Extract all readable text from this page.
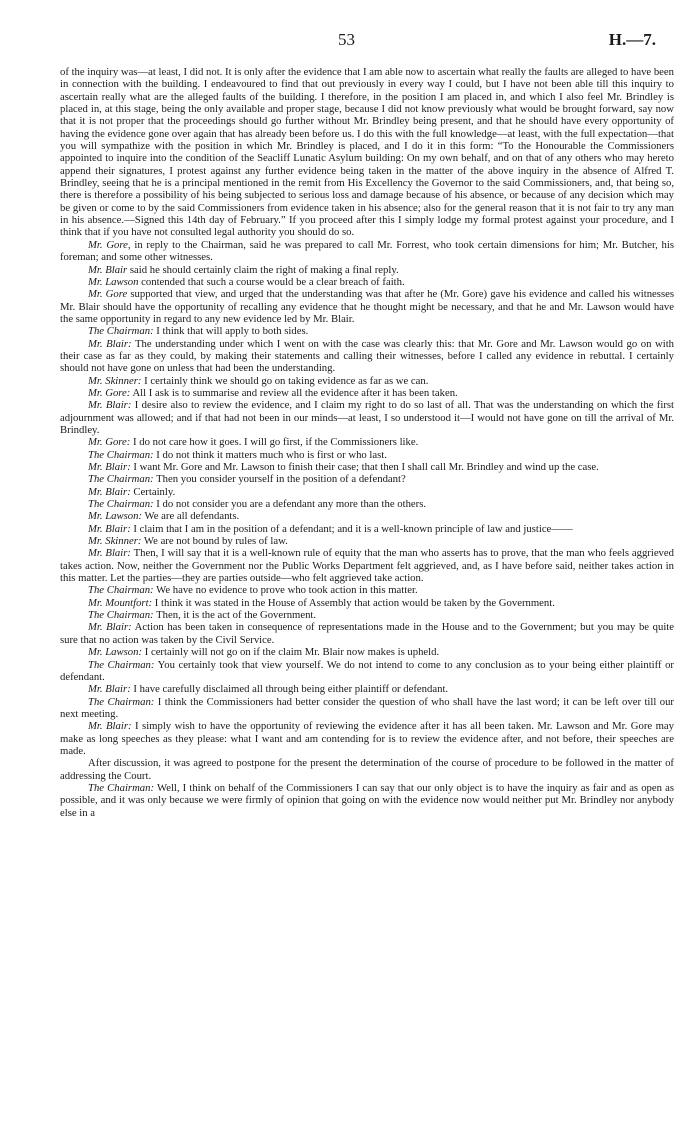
53	H.—7.

of the inquiry was—at least, I did not. It is only after the evidence that I am able now to ascertain what really the faults are alleged to have been in connection with the building. I endeavoured to find that out previously in every way I could, but I have not been able till this inquiry to ascertain really what are the alleged faults of the building. I therefore, in the position I am placed in, and which I also feel Mr. Brindley is placed in, at this stage, being the only available and proper stage, because I did not know previously what would be brought forward, say now that it is not proper that the proceedings should go further without Mr. Brindley being present, and that he should have every opportunity of having the evidence gone over again that has already been before us. I do this with the full knowledge—at least, with the full expectation—that you will sympathize with the position in which Mr. Brindley is placed, and I do it in this form: “To the Honourable the Commissioners appointed to inquire into the condition of the Seacliff Lunatic Asylum building: On my own behalf, and on that of any others who may hereto append their signatures, I protest against any further evidence being taken in the matter of the above inquiry in the absence of Alfred T. Brindley, seeing that he is a principal mentioned in the remit from His Excellency the Governor to the said Commissioners, and, that being so, there is therefore a possibility of his being subjected to serious loss and damage because of his absence, or because of any decision which may be given or come to by the said Commissioners from evidence taken in his absence; also for the general reason that it is not fair to try any man in his absence.—Signed this 14th day of February.” If you proceed after this I simply lodge my formal protest against your procedure, and I think that if you have not consulted legal authority you should do so.

Mr. Gore, in reply to the Chairman, said he was prepared to call Mr. Forrest, who took certain dimensions for him; Mr. Butcher, his foreman; and some other witnesses.

Mr. Blair said he should certainly claim the right of making a final reply.

Mr. Lawson contended that such a course would be a clear breach of faith.

Mr. Gore supported that view, and urged that the understanding was that after he (Mr. Gore) gave his evidence and called his witnesses Mr. Blair should have the opportunity of recalling any evidence that he thought might be necessary, and that he and Mr. Lawson would have the same opportunity in regard to any new evidence led by Mr. Blair.

The Chairman: I think that will apply to both sides.

Mr. Blair: The understanding under which I went on with the case was clearly this: that Mr. Gore and Mr. Lawson would go on with their case as far as they could, by making their statements and calling their witnesses, before I called any evidence in rebuttal. I certainly should not have gone on unless that had been the understanding.

Mr. Skinner: I certainly think we should go on taking evidence as far as we can.

Mr. Gore: All I ask is to summarise and review all the evidence after it has been taken.

Mr. Blair: I desire also to review the evidence, and I claim my right to do so last of all. That was the understanding on which the first adjournment was allowed; and if that had not been in our minds—at least, I so understood it—I would not have gone on till the arrival of Mr. Brindley.

Mr. Gore: I do not care how it goes. I will go first, if the Commissioners like.

The Chairman: I do not think it matters much who is first or who last.

Mr. Blair: I want Mr. Gore and Mr. Lawson to finish their case; that then I shall call Mr. Brindley and wind up the case.

The Chairman: Then you consider yourself in the position of a defendant?

Mr. Blair: Certainly.

The Chairman: I do not consider you are a defendant any more than the others.

Mr. Lawson: We are all defendants.

Mr. Blair: I claim that I am in the position of a defendant; and it is a well-known principle of law and justice——

Mr. Skinner: We are not bound by rules of law.

Mr. Blair: Then, I will say that it is a well-known rule of equity that the man who asserts has to prove, that the man who feels aggrieved takes action. Now, neither the Government nor the Public Works Department felt aggrieved, and, as I have before said, neither takes action in this matter. Let the parties—they are parties outside—who felt aggrieved take action.

The Chairman: We have no evidence to prove who took action in this matter.

Mr. Mountfort: I think it was stated in the House of Assembly that action would be taken by the Government.

The Chairman: Then, it is the act of the Government.

Mr. Blair: Action has been taken in consequence of representations made in the House and to the Government; but you may be quite sure that no action was taken by the Civil Service.

Mr. Lawson: I certainly will not go on if the claim Mr. Blair now makes is upheld.

The Chairman: You certainly took that view yourself. We do not intend to come to any conclusion as to your being either plaintiff or defendant.

Mr. Blair: I have carefully disclaimed all through being either plaintiff or defendant.

The Chairman: I think the Commissioners had better consider the question of who shall have the last word; it can be left over till our next meeting.

Mr. Blair: I simply wish to have the opportunity of reviewing the evidence after it has all been taken. Mr. Lawson and Mr. Gore may make as long speeches as they please: what I want and am contending for is to review the evidence after, and not before, their speeches are made.

After discussion, it was agreed to postpone for the present the determination of the course of procedure to be followed in the matter of addressing the Court.

The Chairman: Well, I think on behalf of the Commissioners I can say that our only object is to have the inquiry as fair and as open as possible, and it was only because we were firmly of opinion that going on with the evidence now would neither put Mr. Brindley nor anybody else in a
